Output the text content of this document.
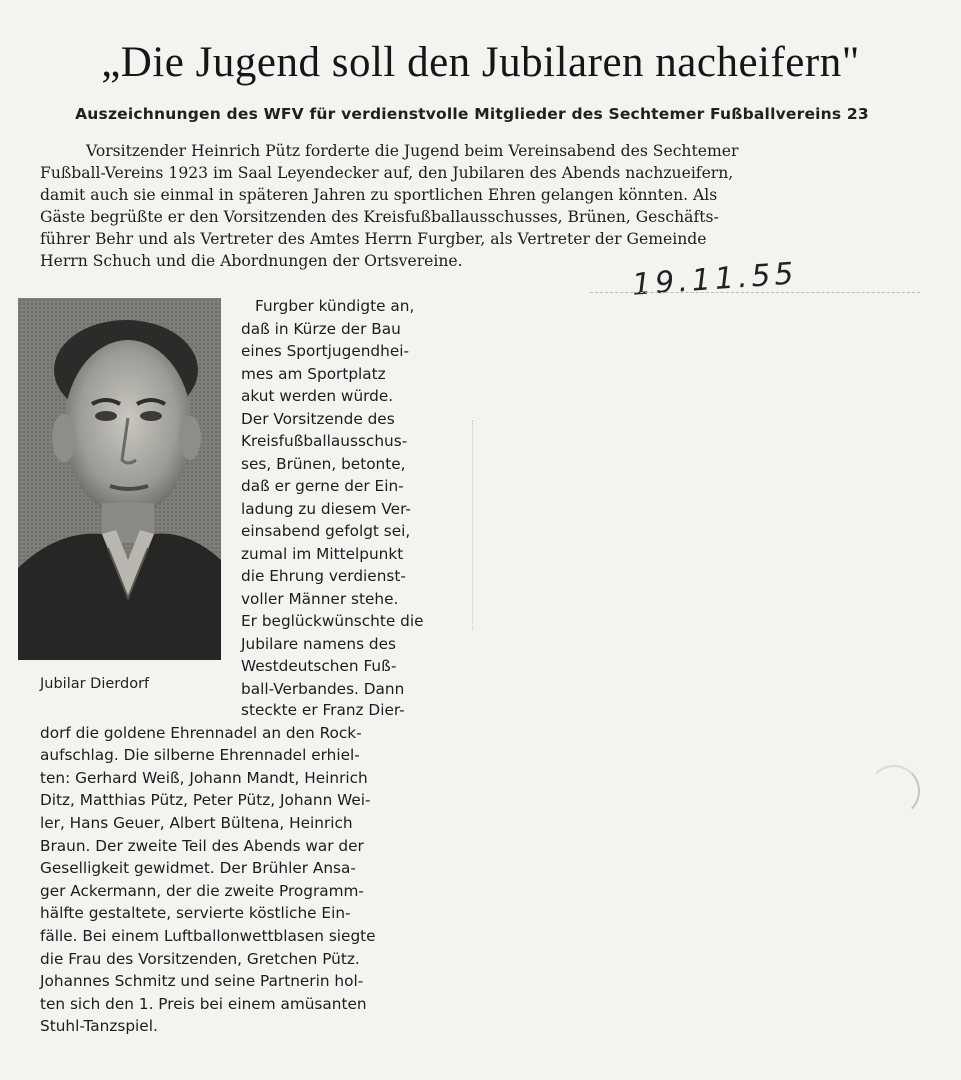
„Die Jugend soll den Jubilaren nacheifern"
Auszeichnungen des WFV für verdienstvolle Mitglieder des Sechtemer Fußballvereins 23
Vorsitzender Heinrich Pütz forderte die Jugend beim Vereinsabend des Sechtemer
Fußball-Vereins 1923 im Saal Leyendecker auf, den Jubilaren des Abends nachzueifern,
damit auch sie einmal in späteren Jahren zu sportlichen Ehren gelangen könnten. Als
Gäste begrüßte er den Vorsitzenden des Kreisfußballausschusses, Brünen, Geschäfts-
führer Behr und als Vertreter des Amtes Herrn Furgber, als Vertreter der Gemeinde
Herrn Schuch und die Abordnungen der Ortsvereine.	19.11.55
Jubilar Dierdorf
Furgber kündigte an,
daß in Kürze der Bau
eines Sportjugendhei-
mes am Sportplatz
akut werden würde.
Der Vorsitzende des
Kreisfußballausschus-
ses, Brünen, betonte,
daß er gerne der Ein-
ladung zu diesem Ver-
einsabend gefolgt sei,
zumal im Mittelpunkt
die Ehrung verdienst-
voller Männer stehe.
Er beglückwünschte die
Jubilare namens des
Westdeutschen Fuß-
ball-Verbandes. Dann
steckte er Franz Dier-
dorf die goldene Ehrennadel an den Rock-
aufschlag. Die silberne Ehrennadel erhiel-
ten: Gerhard Weiß, Johann Mandt, Heinrich
Ditz, Matthias Pütz, Peter Pütz, Johann Wei-
ler, Hans Geuer, Albert Bültena, Heinrich
Braun. Der zweite Teil des Abends war der
Geselligkeit gewidmet. Der Brühler Ansa-
ger Ackermann, der die zweite Programm-
hälfte gestaltete, servierte köstliche Ein-
fälle. Bei einem Luftballonwettblasen siegte
die Frau des Vorsitzenden, Gretchen Pütz.
Johannes Schmitz und seine Partnerin hol-
ten sich den 1. Preis bei einem amüsanten
Stuhl-Tanzspiel.
